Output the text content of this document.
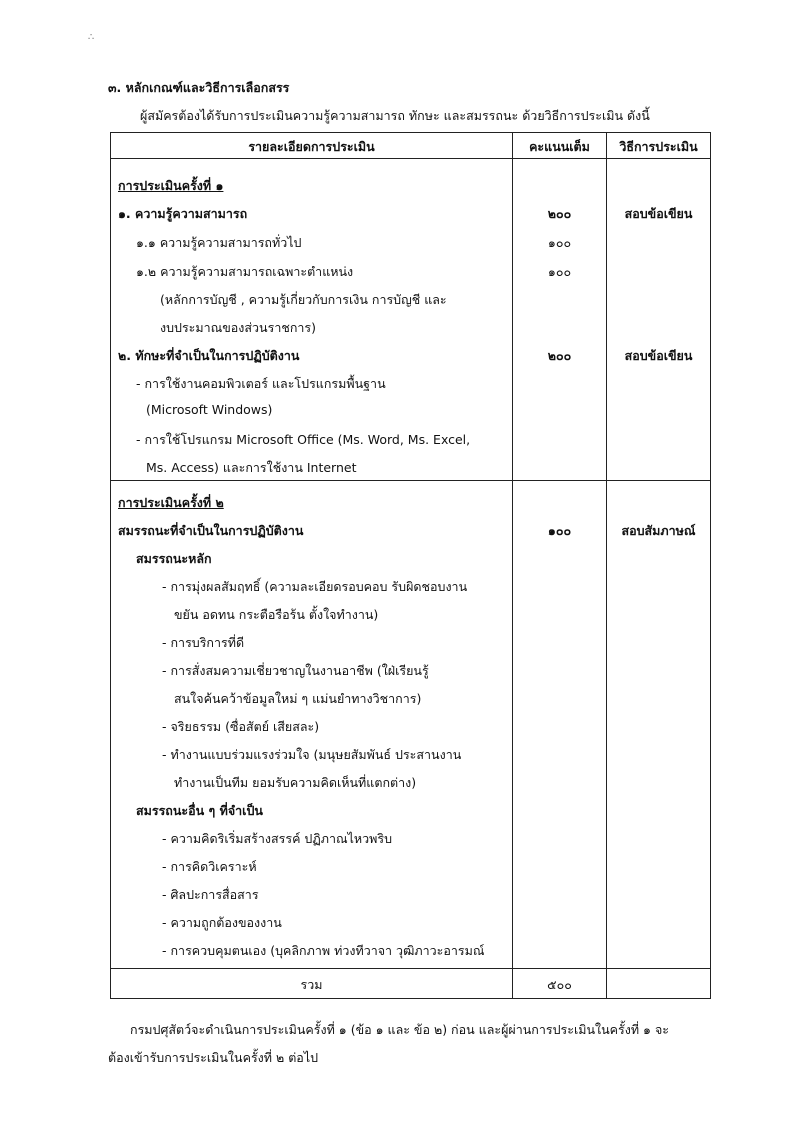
∴
๓. หลักเกณฑ์และวิธีการเลือกสรร
ผู้สมัครต้องได้รับการประเมินความรู้ความสามารถ ทักษะ และสมรรถนะ ด้วยวิธีการประเมิน ดังนี้
รายละเอียดการประเมิน	คะแนนเต็ม	วิธีการประเมิน
การประเมินครั้งที่ ๑
๑. ความรู้ความสามารถ	๒๐๐	สอบข้อเขียน
๑.๑ ความรู้ความสามารถทั่วไป	๑๐๐
๑.๒ ความรู้ความสามารถเฉพาะตำแหน่ง	๑๐๐
(หลักการบัญชี , ความรู้เกี่ยวกับการเงิน การบัญชี และ
งบประมาณของส่วนราชการ)
๒. ทักษะที่จำเป็นในการปฏิบัติงาน	๒๐๐	สอบข้อเขียน
- การใช้งานคอมพิวเตอร์ และโปรแกรมพื้นฐาน
(Microsoft Windows)
- การใช้โปรแกรม Microsoft Office (Ms. Word, Ms. Excel,
Ms. Access) และการใช้งาน Internet
การประเมินครั้งที่ ๒
สมรรถนะที่จำเป็นในการปฏิบัติงาน	๑๐๐	สอบสัมภาษณ์
สมรรถนะหลัก
- การมุ่งผลสัมฤทธิ์ (ความละเอียดรอบคอบ รับผิดชอบงาน
ขยัน อดทน กระตือรือร้น ตั้งใจทำงาน)
- การบริการที่ดี
- การสั่งสมความเชี่ยวชาญในงานอาชีพ (ใฝ่เรียนรู้
สนใจค้นคว้าข้อมูลใหม่ ๆ แม่นยำทางวิชาการ)
- จริยธรรม (ซื่อสัตย์ เสียสละ)
- ทำงานแบบร่วมแรงร่วมใจ (มนุษยสัมพันธ์ ประสานงาน
ทำงานเป็นทีม ยอมรับความคิดเห็นที่แตกต่าง)
สมรรถนะอื่น ๆ ที่จำเป็น
- ความคิดริเริ่มสร้างสรรค์ ปฏิภาณไหวพริบ
- การคิดวิเคราะห์
- ศิลปะการสื่อสาร
- ความถูกต้องของงาน
- การควบคุมตนเอง (บุคลิกภาพ ท่วงทีวาจา วุฒิภาวะอารมณ์
รวม	๕๐๐
กรมปศุสัตว์จะดำเนินการประเมินครั้งที่ ๑ (ข้อ ๑ และ ข้อ ๒) ก่อน และผู้ผ่านการประเมินในครั้งที่ ๑ จะ
ต้องเข้ารับการประเมินในครั้งที่ ๒ ต่อไป
